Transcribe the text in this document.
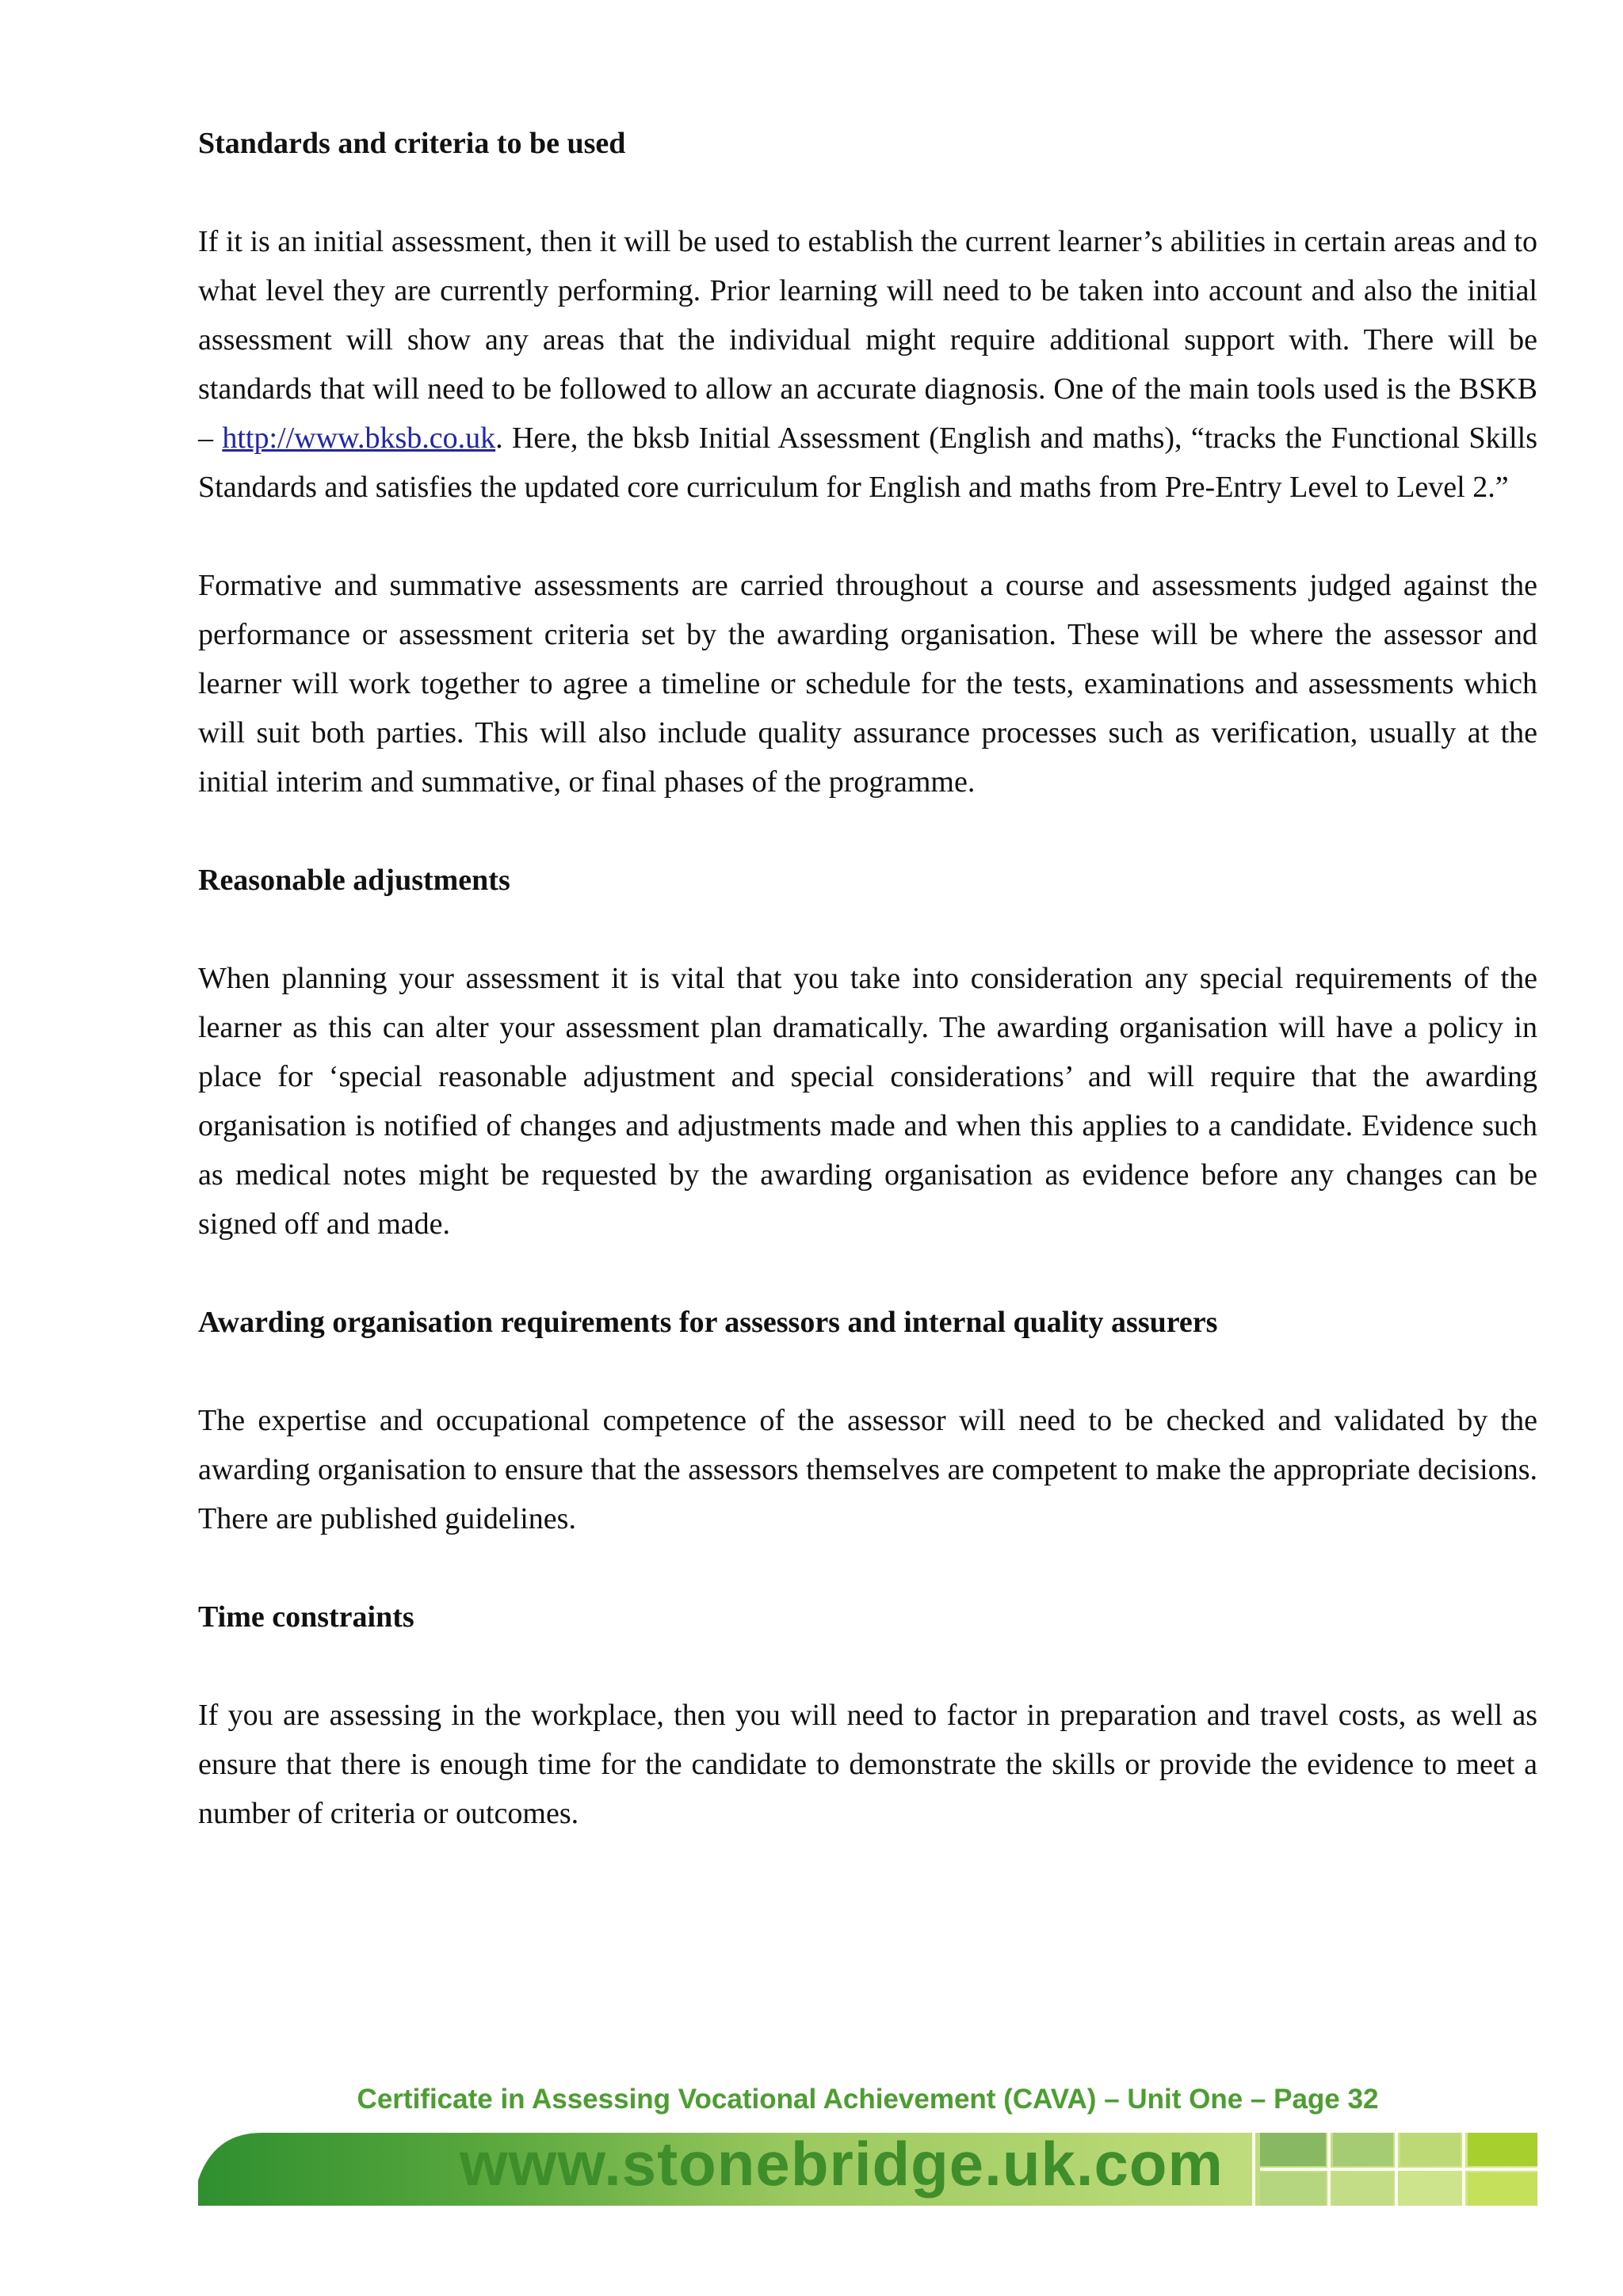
Standards and criteria to be used

If it is an initial assessment, then it will be used to establish the current learner’s abilities in certain areas and to what level they are currently performing. Prior learning will need to be taken into account and also the initial assessment will show any areas that the individual might require additional support with. There will be standards that will need to be followed to allow an accurate diagnosis. One of the main tools used is the BSKB – http://www.bksb.co.uk. Here, the bksb Initial Assessment (English and maths), “tracks the Functional Skills Standards and satisfies the updated core curriculum for English and maths from Pre-Entry Level to Level 2.”

Formative and summative assessments are carried throughout a course and assessments judged against the performance or assessment criteria set by the awarding organisation. These will be where the assessor and learner will work together to agree a timeline or schedule for the tests, examinations and assessments which will suit both parties. This will also include quality assurance processes such as verification, usually at the initial interim and summative, or final phases of the programme.

Reasonable adjustments

When planning your assessment it is vital that you take into consideration any special requirements of the learner as this can alter your assessment plan dramatically. The awarding organisation will have a policy in place for ‘special reasonable adjustment and special considerations’ and will require that the awarding organisation is notified of changes and adjustments made and when this applies to a candidate. Evidence such as medical notes might be requested by the awarding organisation as evidence before any changes can be signed off and made.

Awarding organisation requirements for assessors and internal quality assurers

The expertise and occupational competence of the assessor will need to be checked and validated by the awarding organisation to ensure that the assessors themselves are competent to make the appropriate decisions. There are published guidelines.

Time constraints

If you are assessing in the workplace, then you will need to factor in preparation and travel costs, as well as ensure that there is enough time for the candidate to demonstrate the skills or provide the evidence to meet a number of criteria or outcomes.

Certificate in Assessing Vocational Achievement (CAVA) – Unit One – Page 32
www.stonebridge.uk.com
